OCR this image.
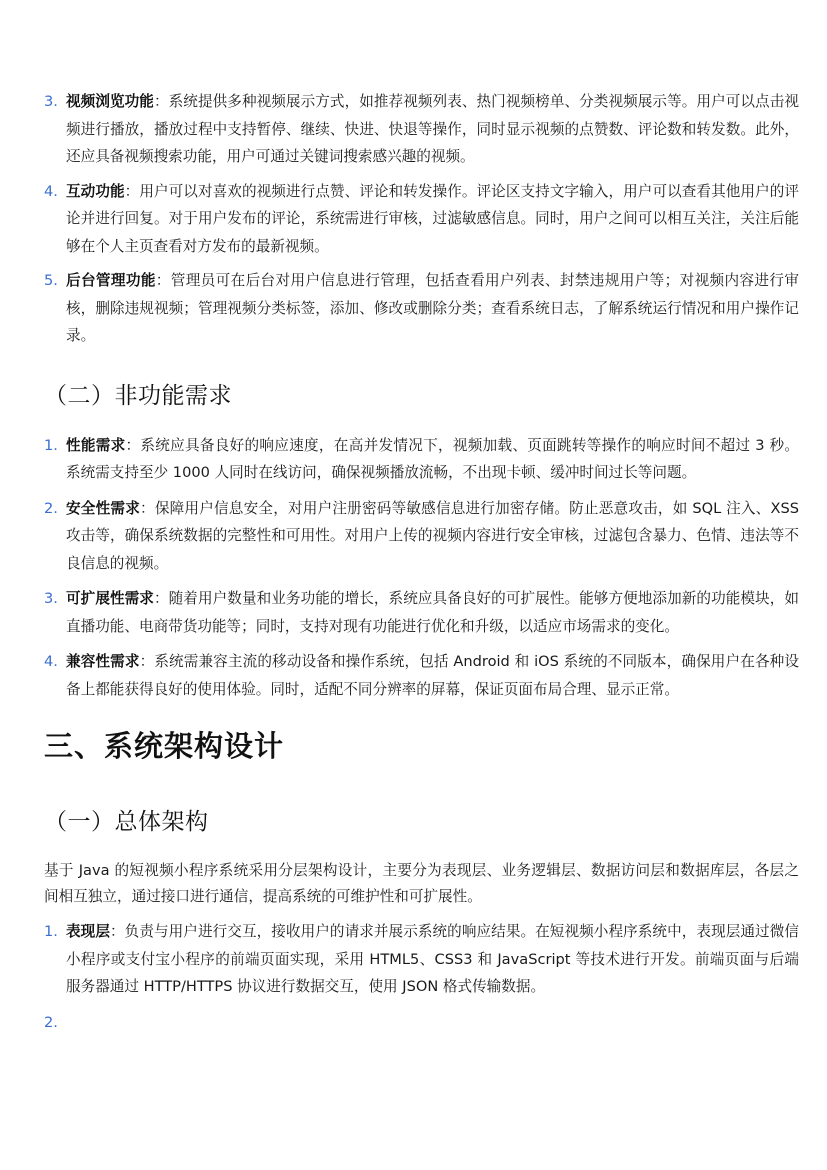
3. 视频浏览功能：系统提供多种视频展示方式，如推荐视频列表、热门视频榜单、分类视频展示等。用户可以点击视频进行播放，播放过程中支持暂停、继续、快进、快退等操作，同时显示视频的点赞数、评论数和转发数。此外，还应具备视频搜索功能，用户可通过关键词搜索感兴趣的视频。
4. 互动功能：用户可以对喜欢的视频进行点赞、评论和转发操作。评论区支持文字输入，用户可以查看其他用户的评论并进行回复。对于用户发布的评论，系统需进行审核，过滤敏感信息。同时，用户之间可以相互关注，关注后能够在个人主页查看对方发布的最新视频。
5. 后台管理功能：管理员可在后台对用户信息进行管理，包括查看用户列表、封禁违规用户等；对视频内容进行审核，删除违规视频；管理视频分类标签，添加、修改或删除分类；查看系统日志，了解系统运行情况和用户操作记录。
（二）非功能需求
1. 性能需求：系统应具备良好的响应速度，在高并发情况下，视频加载、页面跳转等操作的响应时间不超过 3 秒。系统需支持至少 1000 人同时在线访问，确保视频播放流畅，不出现卡顿、缓冲时间过长等问题。
2. 安全性需求：保障用户信息安全，对用户注册密码等敏感信息进行加密存储。防止恶意攻击，如 SQL 注入、XSS 攻击等，确保系统数据的完整性和可用性。对用户上传的视频内容进行安全审核，过滤包含暴力、色情、违法等不良信息的视频。
3. 可扩展性需求：随着用户数量和业务功能的增长，系统应具备良好的可扩展性。能够方便地添加新的功能模块，如直播功能、电商带货功能等；同时，支持对现有功能进行优化和升级，以适应市场需求的变化。
4. 兼容性需求：系统需兼容主流的移动设备和操作系统，包括 Android 和 iOS 系统的不同版本，确保用户在各种设备上都能获得良好的使用体验。同时，适配不同分辨率的屏幕，保证页面布局合理、显示正常。
三、系统架构设计
（一）总体架构

基于 Java 的短视频小程序系统采用分层架构设计，主要分为表现层、业务逻辑层、数据访问层和数据库层，各层之间相互独立，通过接口进行通信，提高系统的可维护性和可扩展性。

1. 表现层：负责与用户进行交互，接收用户的请求并展示系统的响应结果。在短视频小程序系统中，表现层通过微信小程序或支付宝小程序的前端页面实现，采用 HTML5、CSS3 和 JavaScript 等技术进行开发。前端页面与后端服务器通过 HTTP/HTTPS 协议进行数据交互，使用 JSON 格式传输数据。
2.
